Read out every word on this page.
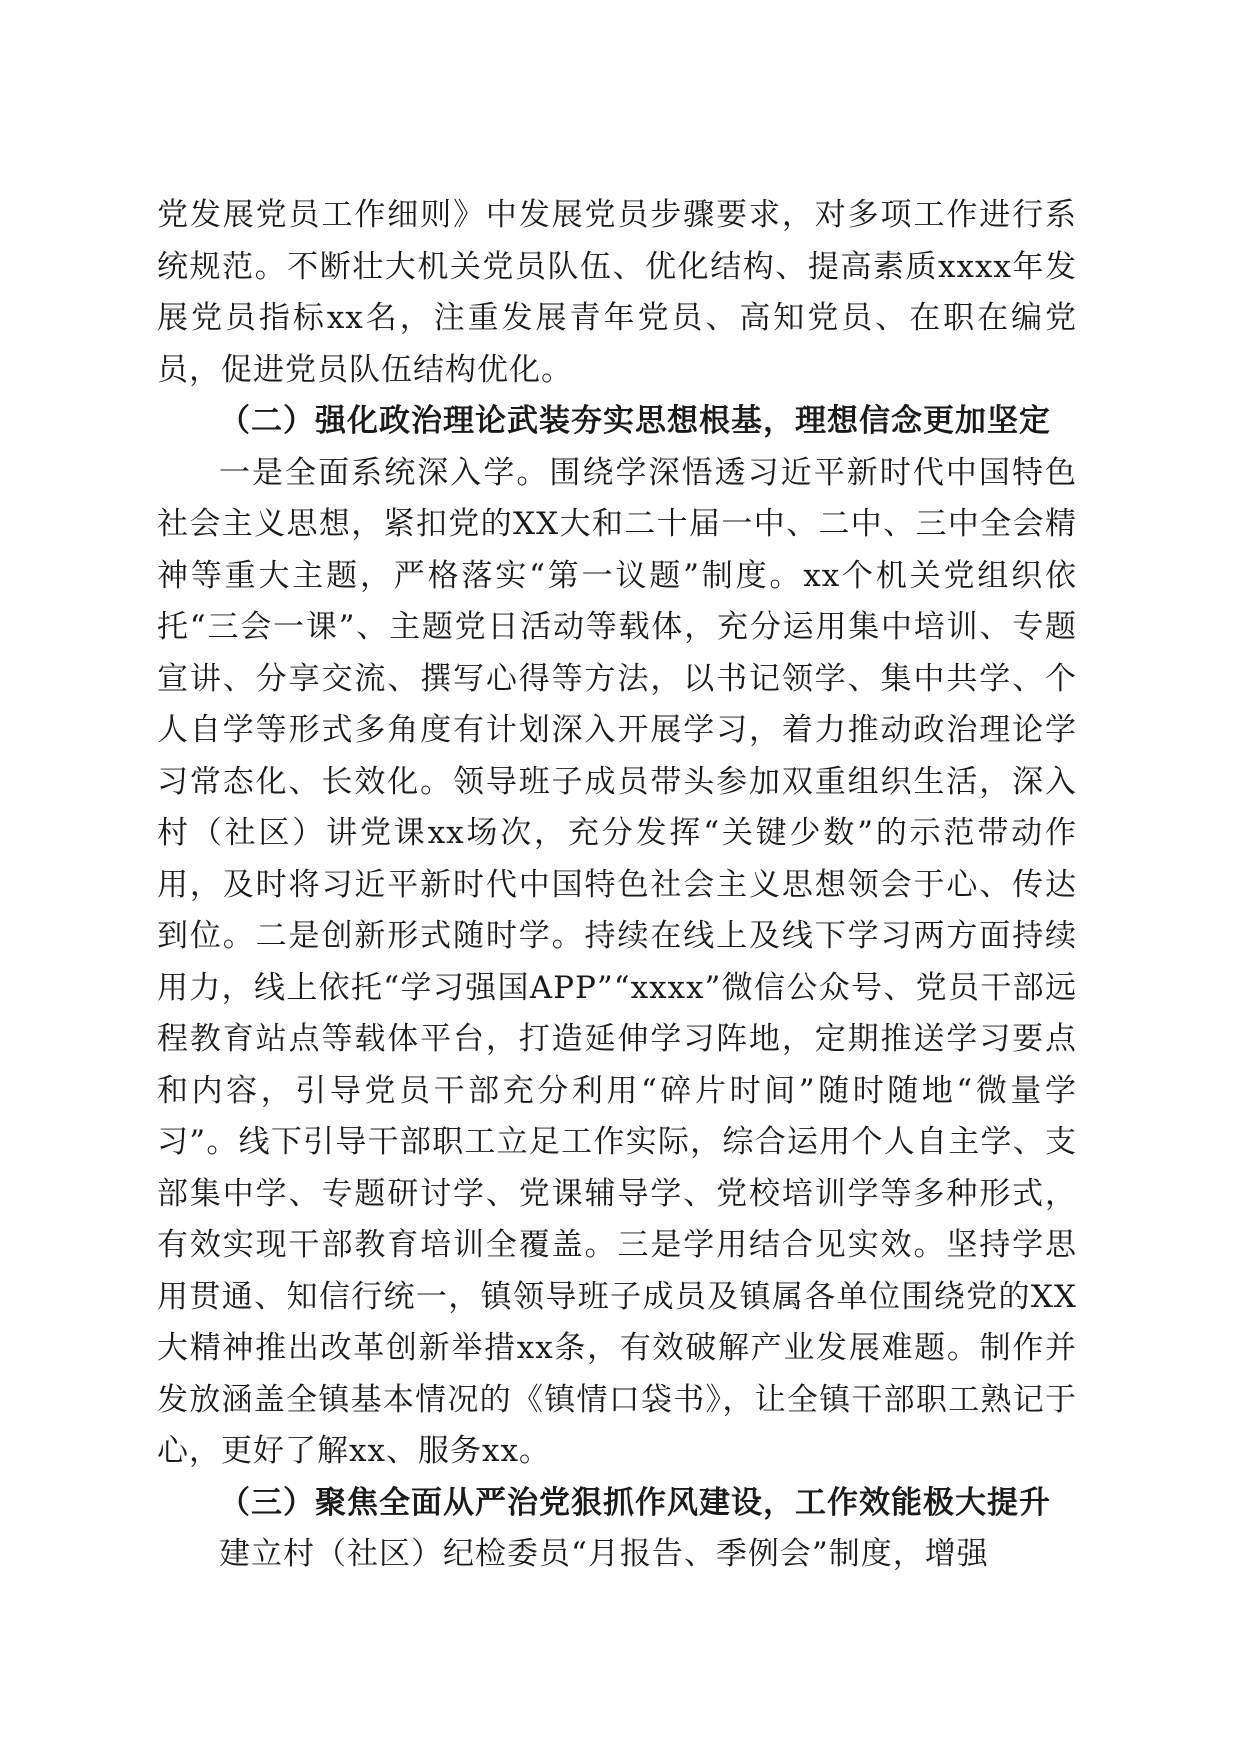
党发展党员工作细则》中发展党员步骤要求，对多项工作进行系统规范。不断壮大机关党员队伍、优化结构、提高素质xxxx年发展党员指标xx名，注重发展青年党员、高知党员、在职在编党员，促进党员队伍结构优化。

（二）强化政治理论武装夯实思想根基，理想信念更加坚定

一是全面系统深入学。围绕学深悟透习近平新时代中国特色社会主义思想，紧扣党的XX大和二十届一中、二中、三中全会精神等重大主题，严格落实“第一议题”制度。xx个机关党组织依托“三会一课”、主题党日活动等载体，充分运用集中培训、专题宣讲、分享交流、撰写心得等方法，以书记领学、集中共学、个人自学等形式多角度有计划深入开展学习，着力推动政治理论学习常态化、长效化。领导班子成员带头参加双重组织生活，深入村（社区）讲党课xx场次，充分发挥“关键少数”的示范带动作用，及时将习近平新时代中国特色社会主义思想领会于心、传达到位。二是创新形式随时学。持续在线上及线下学习两方面持续用力，线上依托“学习强国APP”“xxxx”微信公众号、党员干部远程教育站点等载体平台，打造延伸学习阵地，定期推送学习要点和内容，引导党员干部充分利用“碎片时间”随时随地“微量学习”。线下引导干部职工立足工作实际，综合运用个人自主学、支部集中学、专题研讨学、党课辅导学、党校培训学等多种形式，有效实现干部教育培训全覆盖。三是学用结合见实效。坚持学思用贯通、知信行统一，镇领导班子成员及镇属各单位围绕党的XX大精神推出改革创新举措xx条，有效破解产业发展难题。制作并发放涵盖全镇基本情况的《镇情口袋书》，让全镇干部职工熟记于心，更好了解xx、服务xx。

（三）聚焦全面从严治党狠抓作风建设，工作效能极大提升

建立村（社区）纪检委员“月报告、季例会”制度，增强
